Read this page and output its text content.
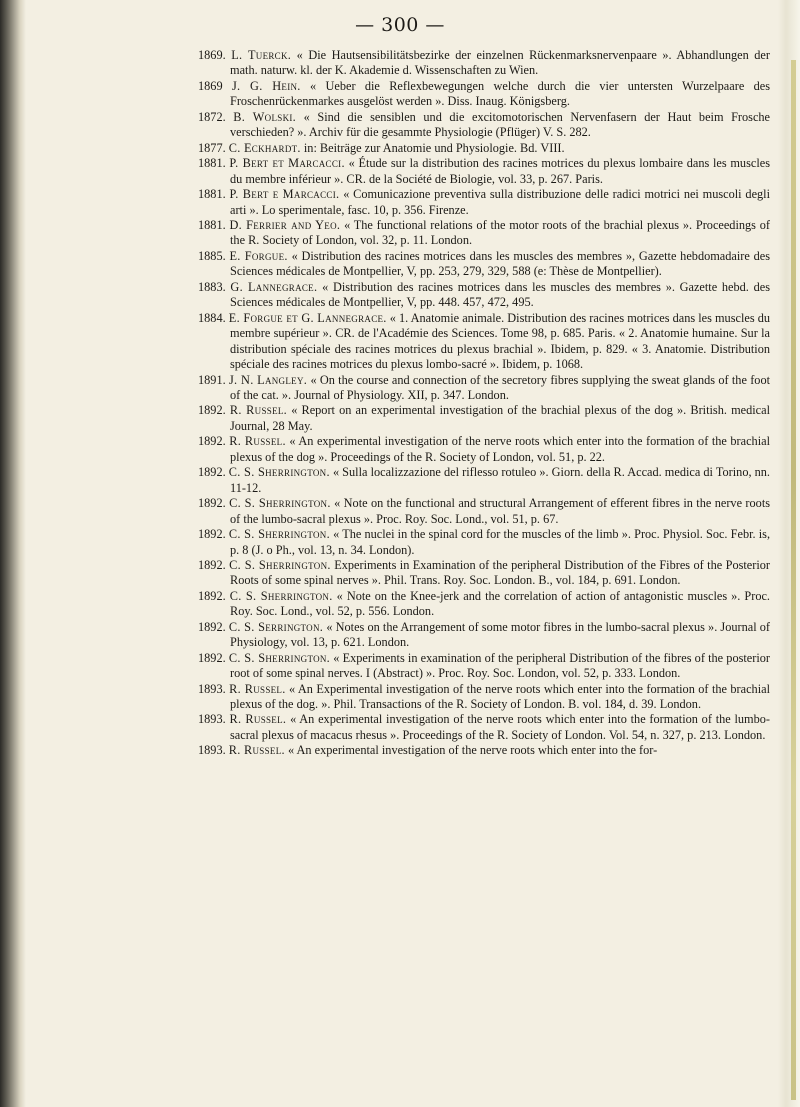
— 300 —
1869. L. Tuerck. « Die Hautsensibilitätsbezirke der einzelnen Rückenmarksnervenpaare ». Abhandlungen der math. naturw. kl. der K. Akademie d. Wissenschaften zu Wien.
1869 J. G. Hein. « Ueber die Reflexbewegungen welche durch die vier untersten Wurzelpaare des Froschenrückenmarkes ausgelöst werden ». Diss. Inaug. Königsberg.
1872. B. Wolski. « Sind die sensiblen und die excitomotorischen Nervenfasern der Haut beim Frosche verschieden? ». Archiv für die gesammte Physiologie (Pflüger) V. S. 282.
1877. C. Eckhardt. in: Beiträge zur Anatomie und Physiologie. Bd. VIII.
1881. P. Bert et Marcacci. « Étude sur la distribution des racines motrices du plexus lombaire dans les muscles du membre inférieur ». CR. de la Société de Biologie, vol. 33, p. 267. Paris.
1881. P. Bert e Marcacci. « Comunicazione preventiva sulla distribuzione delle radici motrici nei muscoli degli arti ». Lo sperimentale, fasc. 10, p. 356. Firenze.
1881. D. Ferrier and Yeo. « The functional relations of the motor roots of the brachial plexus ». Proceedings of the R. Society of London, vol. 32, p. 11. London.
1885. E. Forgue. « Distribution des racines motrices dans les muscles des membres », Gazette hebdomadaire des Sciences médicales de Montpellier, V, pp. 253, 279, 329, 588 (e: Thèse de Montpellier).
1883. G. Lannegrace. « Distribution des racines motrices dans les muscles des membres ». Gazette hebd. des Sciences médicales de Montpellier, V, pp. 448. 457, 472, 495.
1884. E. Forgue et G. Lannegrace. « 1. Anatomie animale. Distribution des racines motrices dans les muscles du membre supérieur ». CR. de l'Académie des Sciences. Tome 98, p. 685. Paris. « 2. Anatomie humaine. Sur la distribution spéciale des racines motrices du plexus brachial ». Ibidem, p. 829. « 3. Anatomie. Distribution spéciale des racines motrices du plexus lombo-sacré ». Ibidem, p. 1068.
1891. J. N. Langley. « On the course and connection of the secretory fibres supplying the sweat glands of the foot of the cat. ». Journal of Physiology. XII, p. 347. London.
1892. R. Russel. « Report on an experimental investigation of the brachial plexus of the dog ». British. medical Journal, 28 May.
1892. R. Russel. « An experimental investigation of the nerve roots which enter into the formation of the brachial plexus of the dog ». Proceedings of the R. Society of London, vol. 51, p. 22.
1892. C. S. Sherrington. « Sulla localizzazione del riflesso rotuleo ». Giorn. della R. Accad. medica di Torino, nn. 11-12.
1892. C. S. Sherrington. « Note on the functional and structural Arrangement of efferent fibres in the nerve roots of the lumbo-sacral plexus ». Proc. Roy. Soc. Lond., vol. 51, p. 67.
1892. C. S. Sherrington. « The nuclei in the spinal cord for the muscles of the limb ». Proc. Physiol. Soc. Febr. is, p. 8 (J. o Ph., vol. 13, n. 34. London).
1892. C. S. Sherrington. Experiments in Examination of the peripheral Distribution of the Fibres of the Posterior Roots of some spinal nerves ». Phil. Trans. Roy. Soc. London. B., vol. 184, p. 691. London.
1892. C. S. Sherrington. « Note on the Knee-jerk and the correlation of action of antagonistic muscles ». Proc. Roy. Soc. Lond., vol. 52, p. 556. London.
1892. C. S. Serrington. « Notes on the Arrangement of some motor fibres in the lumbo-sacral plexus ». Journal of Physiology, vol. 13, p. 621. London.
1892. C. S. Sherrington. « Experiments in examination of the peripheral Distribution of the fibres of the posterior root of some spinal nerves. I (Abstract) ». Proc. Roy. Soc. London, vol. 52, p. 333. London.
1893. R. Russel. « An Experimental investigation of the nerve roots which enter into the formation of the brachial plexus of the dog. ». Phil. Transactions of the R. Society of London. B. vol. 184, d. 39. London.
1893. R. Russel. « An experimental investigation of the nerve roots which enter into the formation of the lumbo-sacral plexus of macacus rhesus ». Proceedings of the R. Society of London. Vol. 54, n. 327, p. 213. London.
1893. R. Russel. « An experimental investigation of the nerve roots which enter into the for-
